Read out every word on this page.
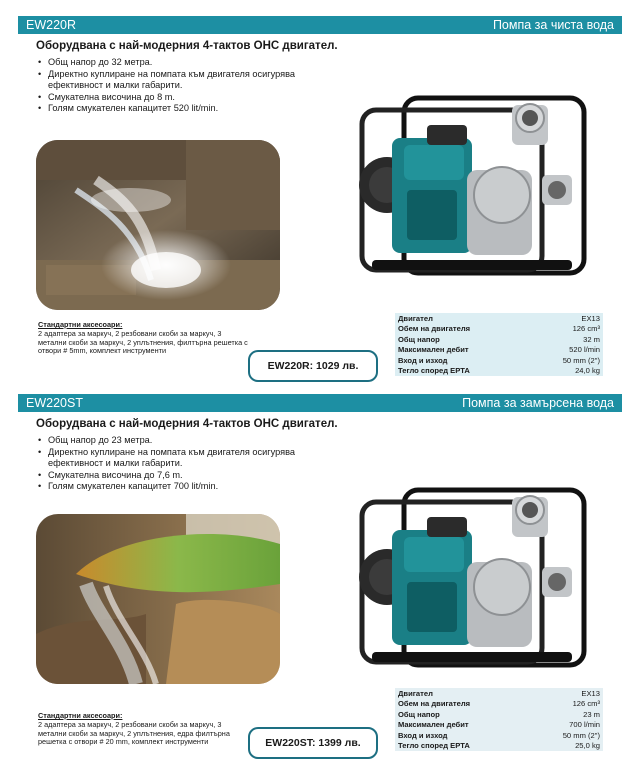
EW220R	Помпа за чиста вода
Оборудвана с най-модерния 4-тактов OHC двигател.
• Общ напор до 32 метра.
• Директно куплиране на помпата към двигателя осигурява ефективност и малки габарити.
• Смукателна височина до 8 m.
• Голям смукателен капацитет 520 lit/min.
Стандартни аксесоари:
2 адаптера за маркуч, 2 резбовани скоби за маркуч, 3 метални скоби за маркуч, 2 уплътнения, филтърна решетка с отвори # 5mm, комплект инструменти
EW220R: 1029 лв.
Двигател	EX13
Обем на двигателя	126 cm³
Общ напор	32 m
Максимален дебит	520 l/min
Вход и изход	50 mm (2")
Тегло според EPTA	24,0 kg
EW220ST	Помпа за замърсена вода
Оборудвана с най-модерния 4-тактов OHC двигател.
• Общ напор до 23 метра.
• Директно куплиране на помпата към двигателя осигурява ефективност и малки габарити.
• Смукателна височина до 7,6 m.
• Голям смукателен капацитет 700 lit/min.
Стандартни аксесоари:
2 адаптера за маркуч, 2 резбовани скоби за маркуч, 3 метални скоби за маркуч, 2 уплътнения, едра филтърна решетка с отвори # 20 mm, комплект инструменти	EW220ST: 1399 лв.
Двигател	EX13
Обем на двигателя	126 cm³
Общ напор	23 m
Максимален дебит	700 l/min
Вход и изход	50 mm (2")
Тегло според EPTA	25,0 kg
